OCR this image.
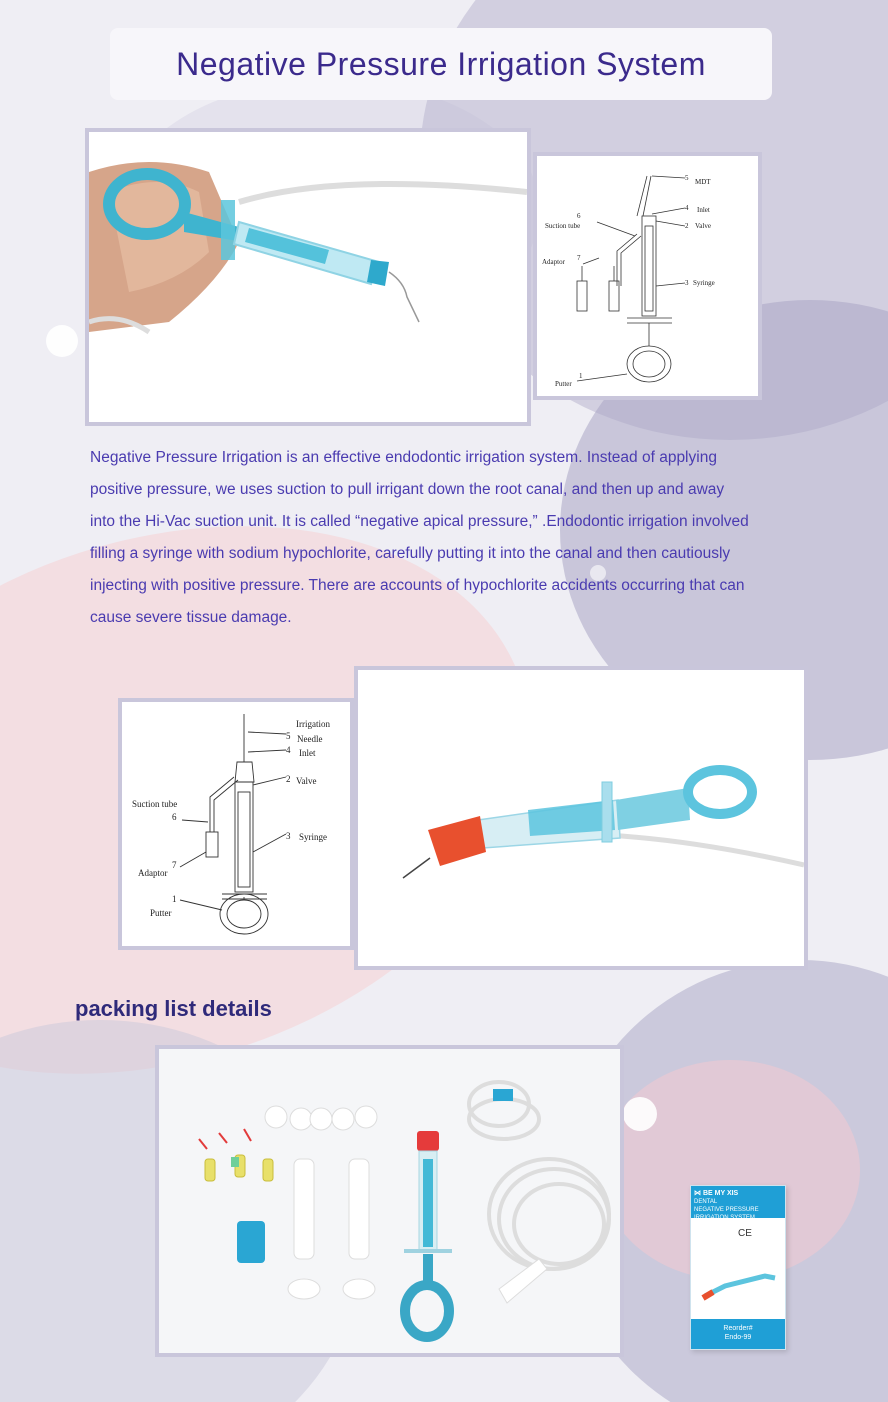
Negative Pressure Irrigation System
5 MDT
4 Inlet
2 Valve
3 Syringe
6
Suction tube
7
Adaptor
1
Putter

Negative Pressure Irrigation is an effective endodontic irrigation system. Instead of applying positive pressure, we uses suction to pull irrigant down the root canal, and then up and away into the Hi-Vac suction unit. It is called “negative apical pressure,” .Endodontic irrigation involved filling a syringe with sodium hypochlorite, carefully putting it into the canal and then cautiously injecting with positive pressure. There are accounts of hypochlorite accidents occurring that can cause severe tissue damage.

Irrigation
5 Needle
4 Inlet
2 Valve
Suction tube
6
3 Syringe
7
Adaptor
1
Putter
packing list details
⋈ BE MY XIS
DENTAL
NEGATIVE PRESSURE IRRIGATION SYSTEM
CE
Reorder#
Endo-99
